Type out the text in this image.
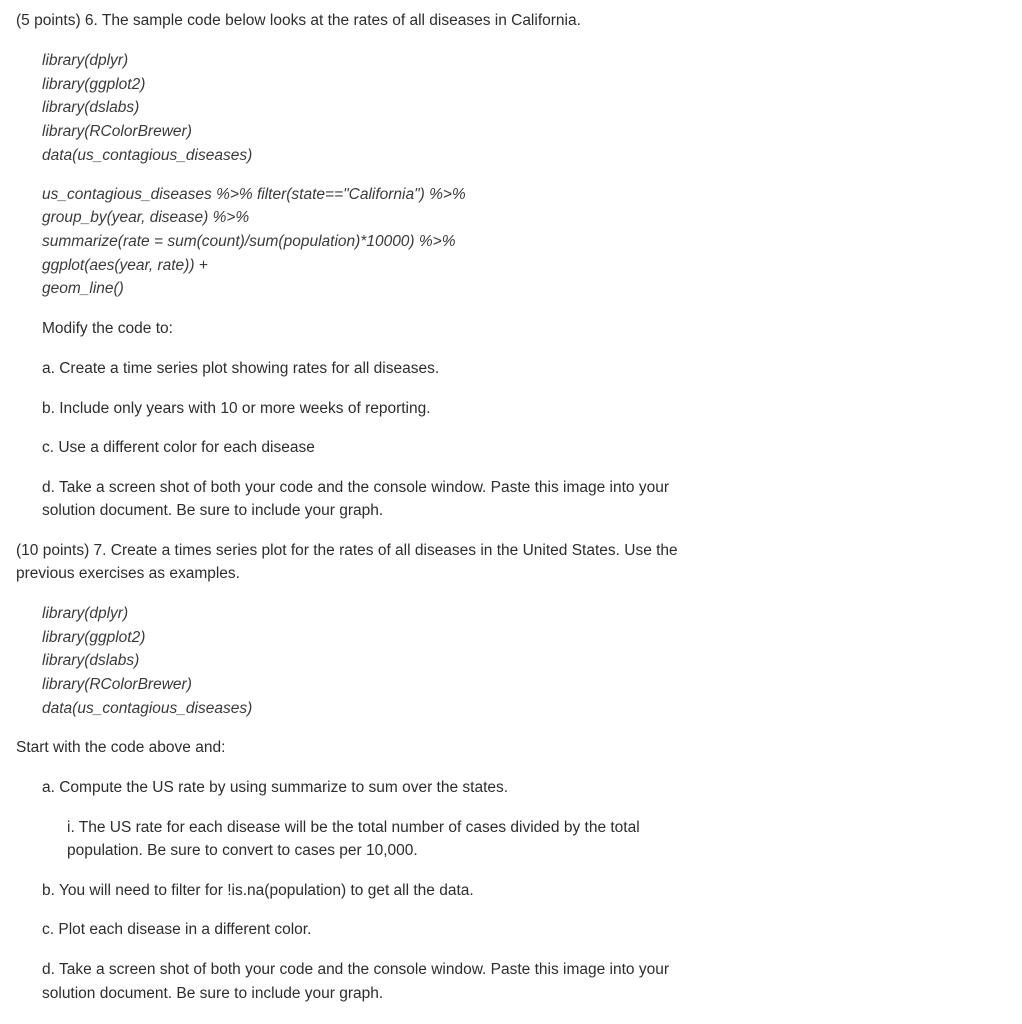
(5 points) 6. The sample code below looks at the rates of all diseases in California.
library(dplyr)
library(ggplot2)
library(dslabs)
library(RColorBrewer)
data(us_contagious_diseases)
us_contagious_diseases %>% filter(state=="California") %>%
group_by(year, disease) %>%
summarize(rate = sum(count)/sum(population)*10000) %>%
ggplot(aes(year, rate)) +
geom_line()
Modify the code to:
a. Create a time series plot showing rates for all diseases.
b. Include only years with 10 or more weeks of reporting.
c. Use a different color for each disease
d. Take a screen shot of both your code and the console window. Paste this image into your
solution document. Be sure to include your graph.
(10 points) 7. Create a times series plot for the rates of all diseases in the United States. Use the
previous exercises as examples.
library(dplyr)
library(ggplot2)
library(dslabs)
library(RColorBrewer)
data(us_contagious_diseases)
Start with the code above and:
a. Compute the US rate by using summarize to sum over the states.
i. The US rate for each disease will be the total number of cases divided by the total
population. Be sure to convert to cases per 10,000.
b. You will need to filter for !is.na(population) to get all the data.
c. Plot each disease in a different color.
d. Take a screen shot of both your code and the console window. Paste this image into your
solution document. Be sure to include your graph.
